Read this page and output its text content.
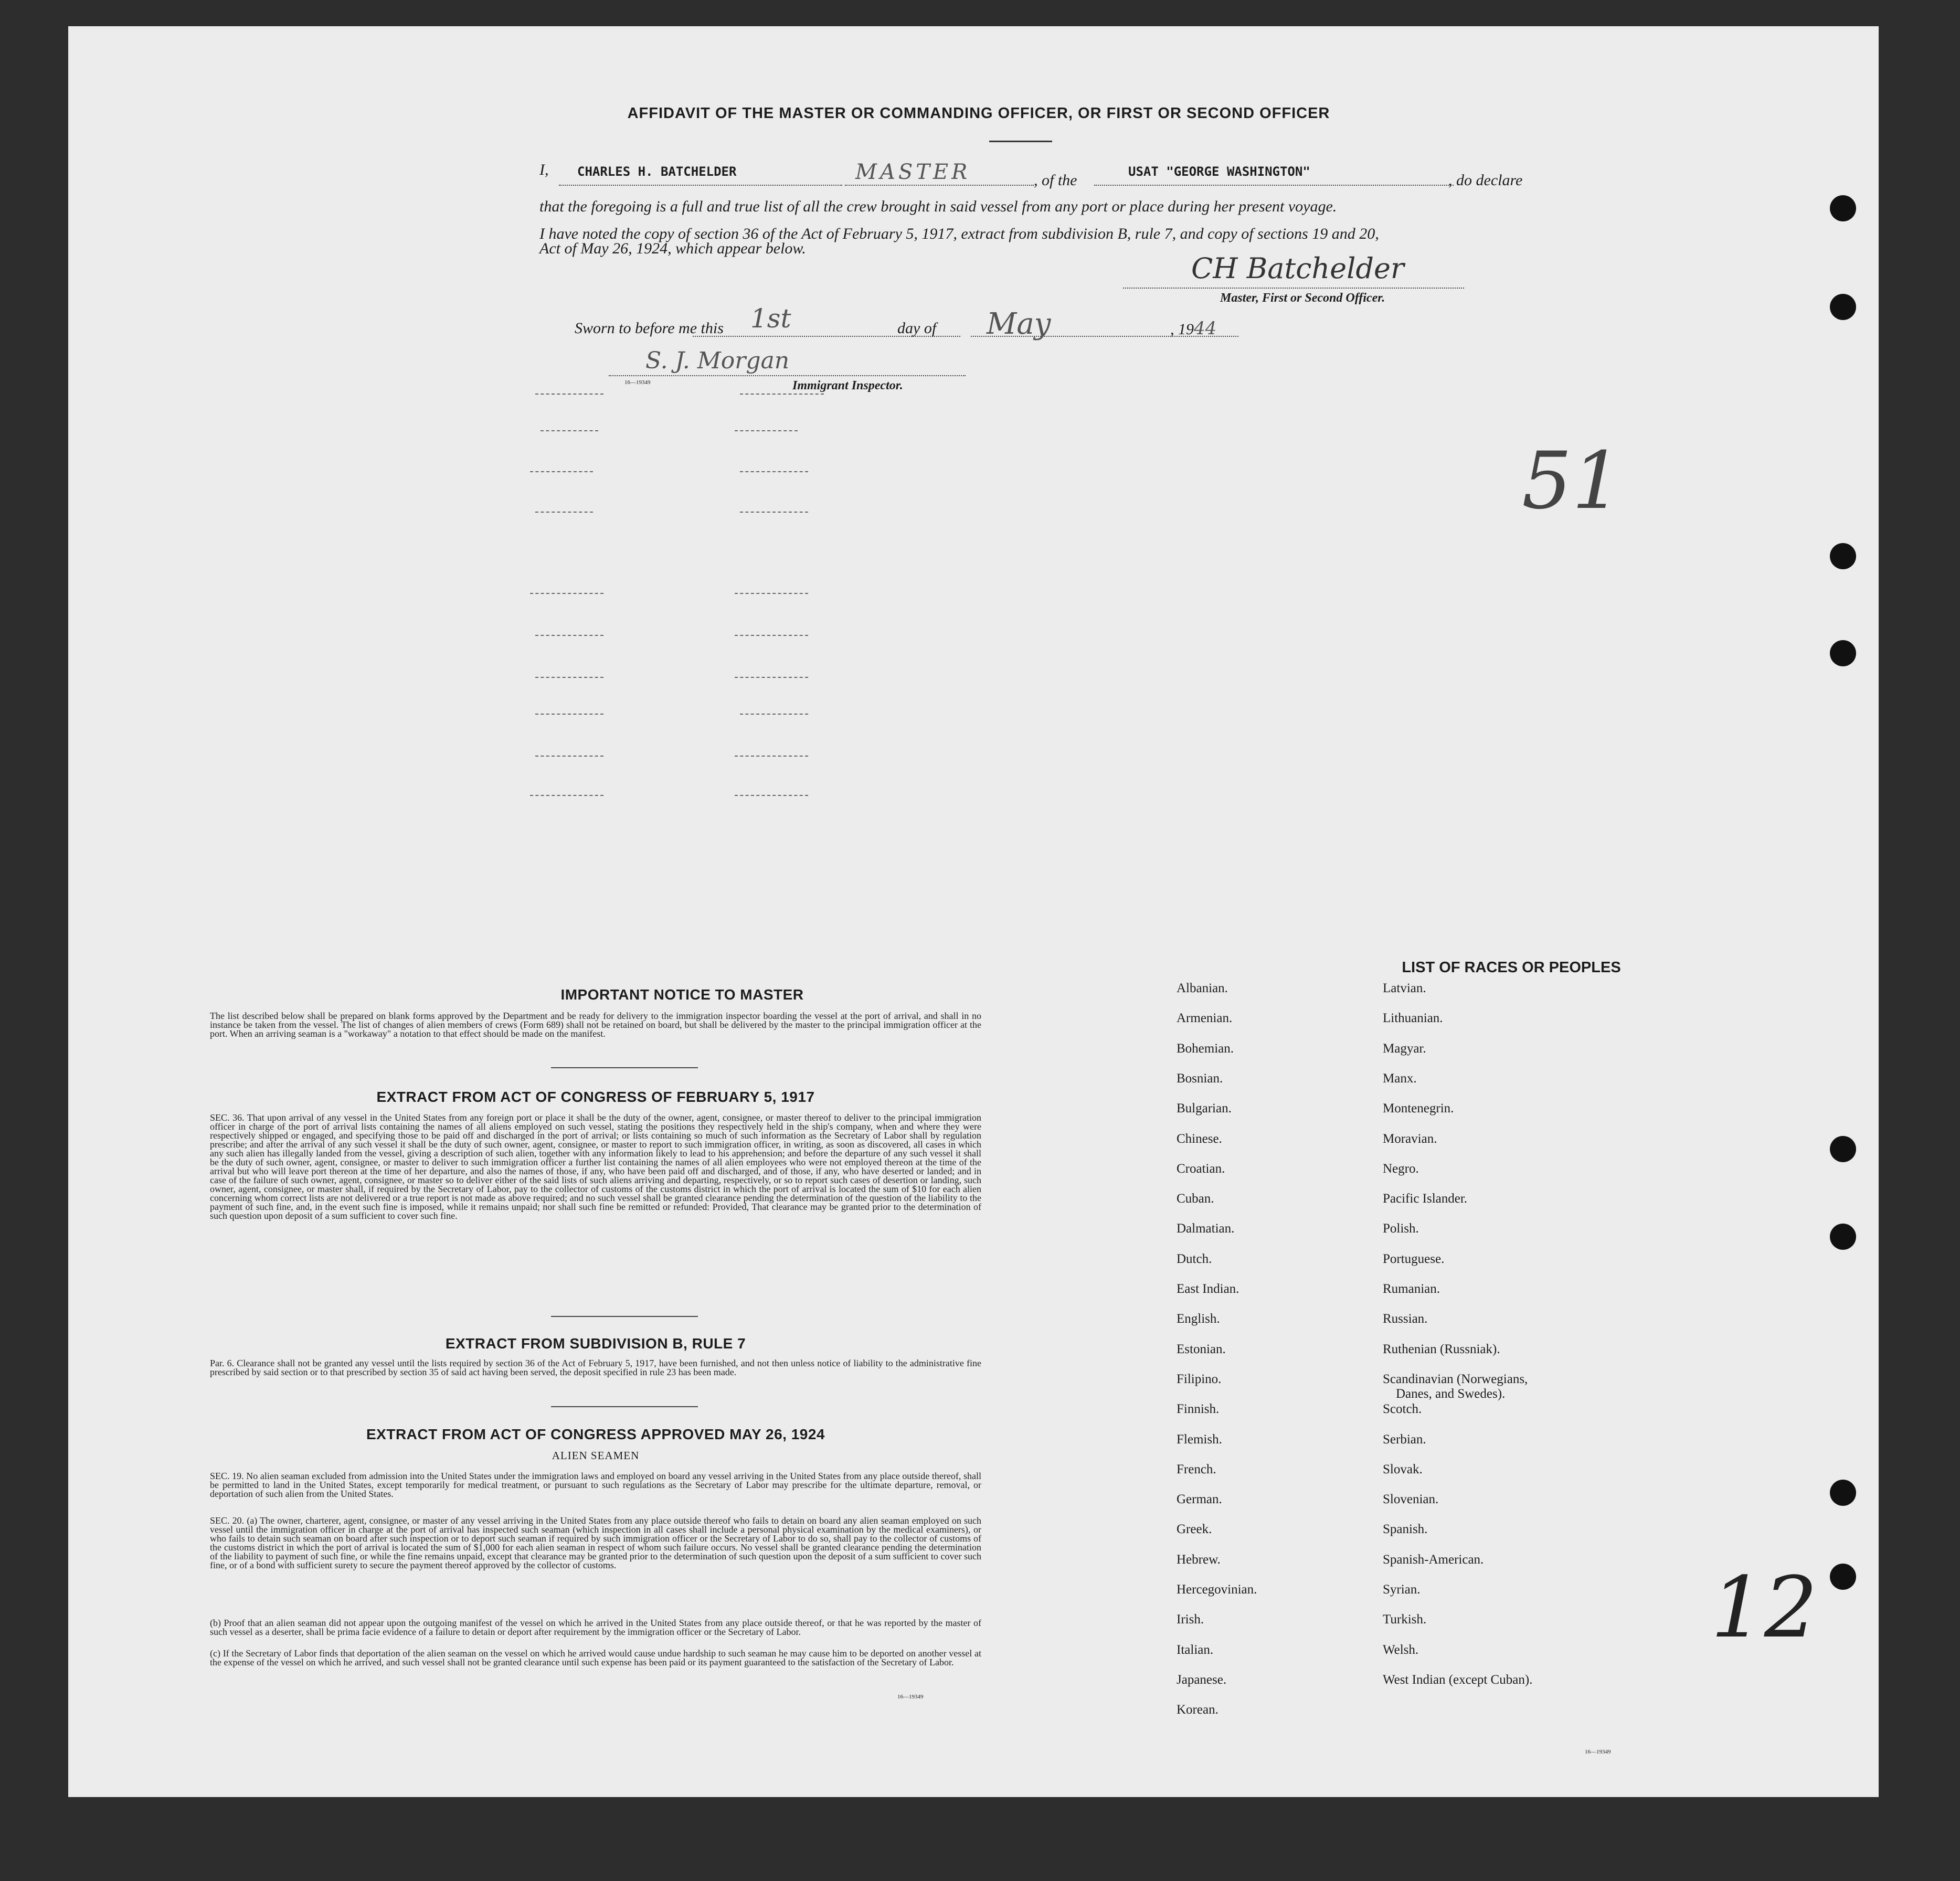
AFFIDAVIT OF THE MASTER OR COMMANDING OFFICER, OR FIRST OR SECOND OFFICER
I,	CHARLES H. BATCHELDER	MASTER	, of the	USAT "GEORGE WASHINGTON"	, do declare
that the foregoing is a full and true list of all the crew brought in said vessel from any port or place during her present voyage.
I have noted the copy of section 36 of the Act of February 5, 1917, extract from subdivision B, rule 7, and copy of sections 19 and 20,
Act of May 26, 1924, which appear below.
CH Batchelder
Master, First or Second Officer.
Sworn to before me this	1st	day of	May	, 1944
S. J. Morgan
16—19349	Immigrant Inspector.
51
12
IMPORTANT NOTICE TO MASTER
The list described below shall be prepared on blank forms approved by the Department and be ready for delivery to the immigration inspector boarding the vessel at the port of arrival, and shall in no instance be taken from the vessel. The list of changes of alien members of crews (Form 689) shall not be retained on board, but shall be delivered by the master to the principal immigration officer at the port. When an arriving seaman is a "workaway" a notation to that effect should be made on the manifest.
EXTRACT FROM ACT OF CONGRESS OF FEBRUARY 5, 1917
SEC. 36. That upon arrival of any vessel in the United States from any foreign port or place it shall be the duty of the owner, agent, consignee, or master thereof to deliver to the principal immigration officer in charge of the port of arrival lists containing the names of all aliens employed on such vessel, stating the positions they respectively held in the ship's company, when and where they were respectively shipped or engaged, and specifying those to be paid off and discharged in the port of arrival; or lists containing so much of such information as the Secretary of Labor shall by regulation prescribe; and after the arrival of any such vessel it shall be the duty of such owner, agent, consignee, or master to report to such immigration officer, in writing, as soon as discovered, all cases in which any such alien has illegally landed from the vessel, giving a description of such alien, together with any information likely to lead to his apprehension; and before the departure of any such vessel it shall be the duty of such owner, agent, consignee, or master to deliver to such immigration officer a further list containing the names of all alien employees who were not employed thereon at the time of the arrival but who will leave port thereon at the time of her departure, and also the names of those, if any, who have been paid off and discharged, and of those, if any, who have deserted or landed; and in case of the failure of such owner, agent, consignee, or master so to deliver either of the said lists of such aliens arriving and departing, respectively, or so to report such cases of desertion or landing, such owner, agent, consignee, or master shall, if required by the Secretary of Labor, pay to the collector of customs of the customs district in which the port of arrival is located the sum of $10 for each alien concerning whom correct lists are not delivered or a true report is not made as above required; and no such vessel shall be granted clearance pending the determination of the question of the liability to the payment of such fine, and, in the event such fine is imposed, while it remains unpaid; nor shall such fine be remitted or refunded: Provided, That clearance may be granted prior to the determination of such question upon deposit of a sum sufficient to cover such fine.
EXTRACT FROM SUBDIVISION B, RULE 7
Par. 6. Clearance shall not be granted any vessel until the lists required by section 36 of the Act of February 5, 1917, have been furnished, and not then unless notice of liability to the administrative fine prescribed by said section or to that prescribed by section 35 of said act having been served, the deposit specified in rule 23 has been made.
EXTRACT FROM ACT OF CONGRESS APPROVED MAY 26, 1924
ALIEN SEAMEN
SEC. 19. No alien seaman excluded from admission into the United States under the immigration laws and employed on board any vessel arriving in the United States from any place outside thereof, shall be permitted to land in the United States, except temporarily for medical treatment, or pursuant to such regulations as the Secretary of Labor may prescribe for the ultimate departure, removal, or deportation of such alien from the United States.
SEC. 20. (a) The owner, charterer, agent, consignee, or master of any vessel arriving in the United States from any place outside thereof who fails to detain on board any alien seaman employed on such vessel until the immigration officer in charge at the port of arrival has inspected such seaman (which inspection in all cases shall include a personal physical examination by the medical examiners), or who fails to detain such seaman on board after such inspection or to deport such seaman if required by such immigration officer or the Secretary of Labor to do so, shall pay to the collector of customs of the customs district in which the port of arrival is located the sum of $1,000 for each alien seaman in respect of whom such failure occurs. No vessel shall be granted clearance pending the determination of the liability to payment of such fine, or while the fine remains unpaid, except that clearance may be granted prior to the determination of such question upon the deposit of a sum sufficient to cover such fine, or of a bond with sufficient surety to secure the payment thereof approved by the collector of customs.
(b) Proof that an alien seaman did not appear upon the outgoing manifest of the vessel on which he arrived in the United States from any place outside thereof, or that he was reported by the master of such vessel as a deserter, shall be prima facie evidence of a failure to detain or deport after requirement by the immigration officer or the Secretary of Labor.
(c) If the Secretary of Labor finds that deportation of the alien seaman on the vessel on which he arrived would cause undue hardship to such seaman he may cause him to be deported on another vessel at the expense of the vessel on which he arrived, and such vessel shall not be granted clearance until such expense has been paid or its payment guaranteed to the satisfaction of the Secretary of Labor.
16—19349
LIST OF RACES OR PEOPLES
Albanian.
Armenian.
Bohemian.
Bosnian.
Bulgarian.
Chinese.
Croatian.
Cuban.
Dalmatian.
Dutch.
East Indian.
English.
Estonian.
Filipino.
Finnish.
Flemish.
French.
German.
Greek.
Hebrew.
Hercegovinian.
Irish.
Italian.
Japanese.
Korean.
Latvian.
Lithuanian.
Magyar.
Manx.
Montenegrin.
Moravian.
Negro.
Pacific Islander.
Polish.
Portuguese.
Rumanian.
Russian.
Ruthenian (Russniak).
Scandinavian (Norwegians,
Danes, and Swedes).
Scotch.
Serbian.
Slovak.
Slovenian.
Spanish.
Spanish-American.
Syrian.
Turkish.
Welsh.
West Indian (except Cuban).
16—19349
